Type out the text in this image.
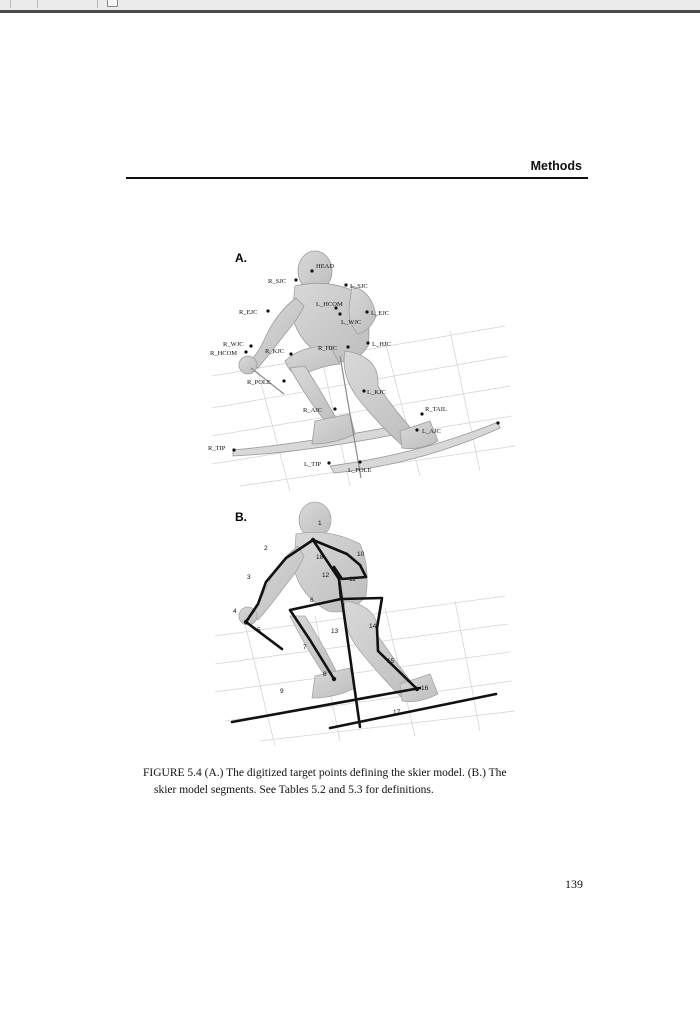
Methods
A.
HEAD
R_SJC
L_SJC
R_EJC
L_HCOM
L_EJC
L_WJC
R_WJC
R_HCOM	R_KJC	R_HJC
L_HJC
R_POLE
L_KJC
R_AJC	R_TAIL
L_AJC
R_TIP
L_TIP
L_POLE
B.	1
2
3
4
5
6
7
8
9
10
11
12
13
14
15
16
17
18
FIGURE 5.4 (A.) The digitized target points defining the skier model. (B.) The
skier model segments. See Tables 5.2 and 5.3 for definitions.
139
